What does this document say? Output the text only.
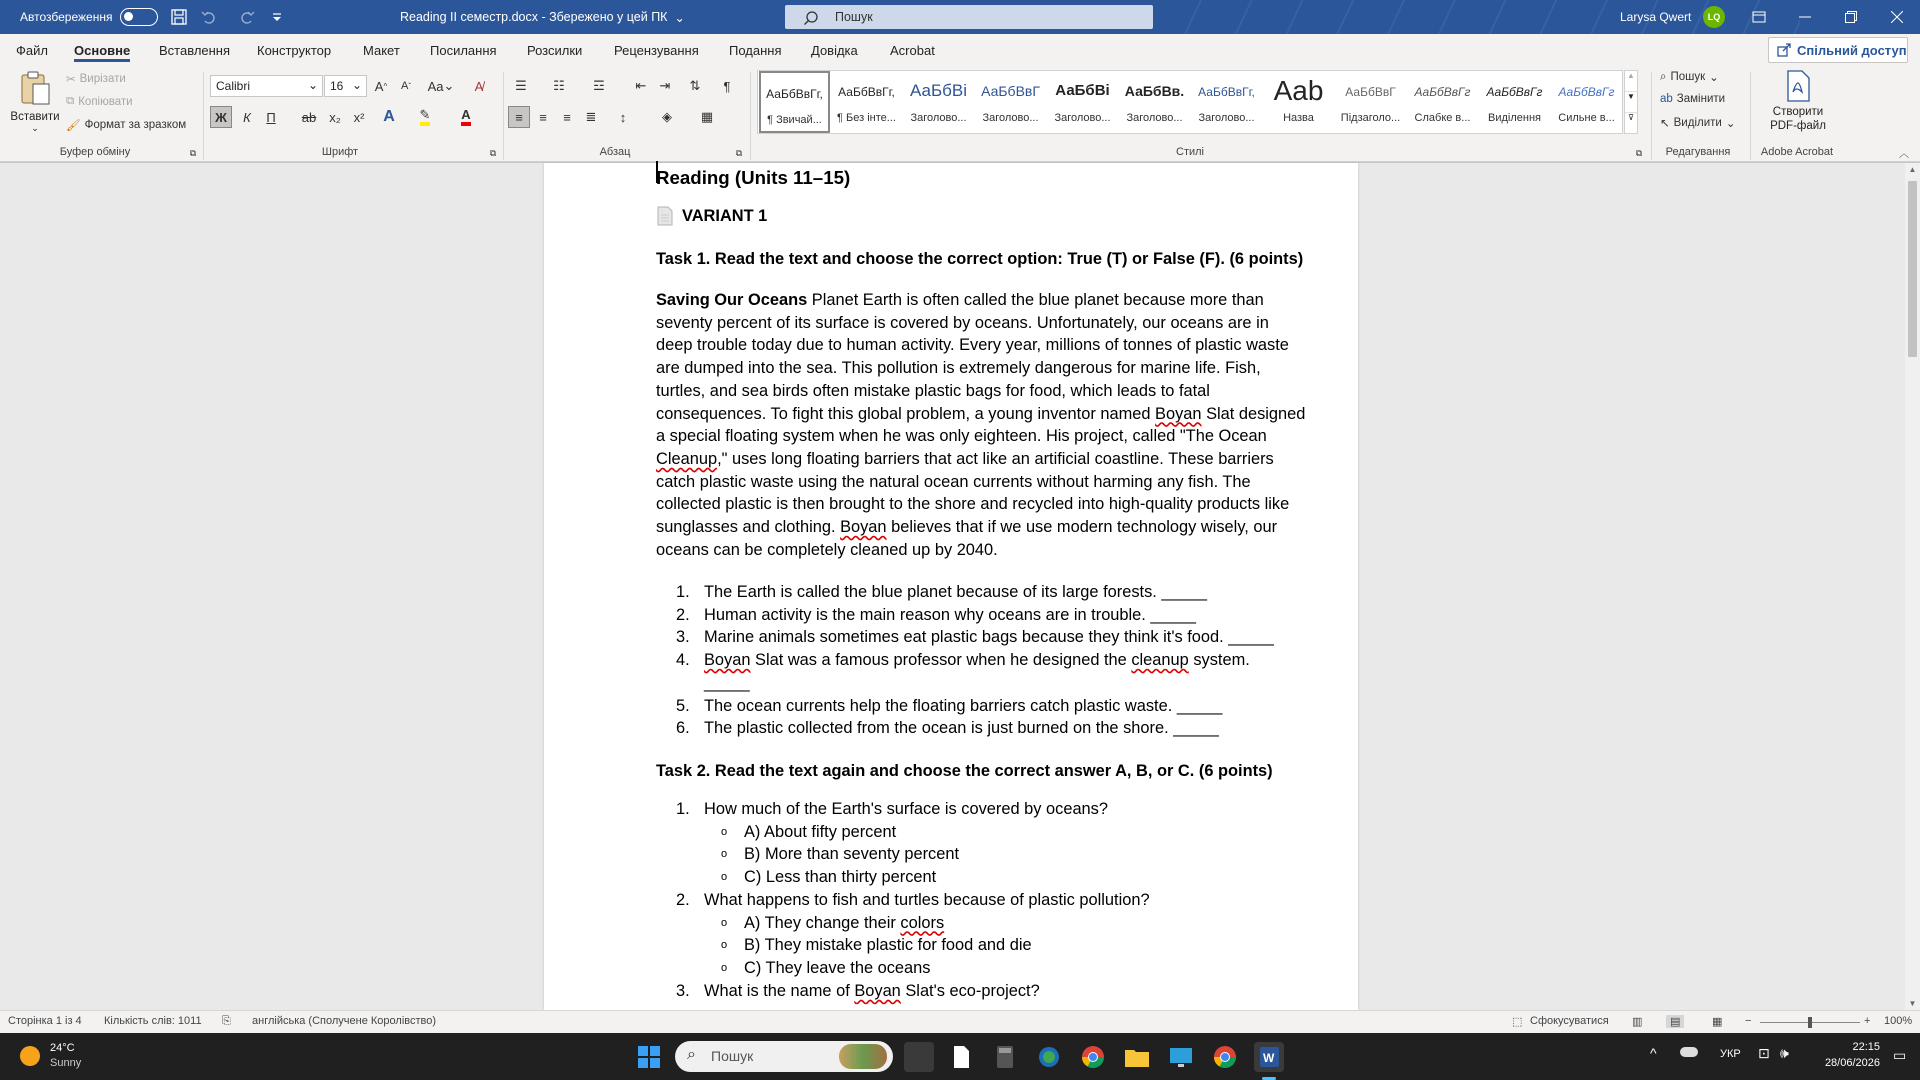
Автозбереження	Reading II семестр.docx - Збережено у цей ПК
⌄	Пошук	Larysa Qwert	LQ
Файл Основне Вставлення Конструктор Макет Посилання Розсилки Рецензування Подання Довідка Acrobat	Спільний доступ
Вставити
⌄
✂ Вирізати
⧉ Копіювати
🖌 Формат за зразком
Буфер обміну	⧉
Calibri	⌄	16 ⌄ A ^ A ˇ Aa ⌄	A̸
Ж К П ab x₂ x²	A	✎ A
Шрифт	⧉
☰	☷	☲	⇤	⇥	⇅	¶
≡	≡	≡	≣	↕	◈	▦
Абзац	⧉
АаБбВвГг,
¶ Звичай...
АаБбВвГг,
¶ Без інте...
АаБбВі
Заголово...
АаБбВвГ
Заголово...
АаБбВі
Заголово...
АаБбВв.
Заголово...
АаБбВвГг,
Заголово...
Aab
Назва
АаБбВвГ
Підзаголо...
АаБбВвГг
Слабке в...
АаБбВвГг
Виділення
АаБбВвГг
Сильне в...
▲
▼
⊽
Стилі	⧉
⌕ Пошук ⌄
ab Замінити
↖ Виділити ⌄
Редагування
Створити PDF-файл
Adobe Acrobat	︿
Reading (Units 11–15)
VARIANT 1
Task 1. Read the text and choose the correct option: True (T) or False (F). (6 points)
Saving Our Oceans Planet Earth is often called the blue planet because more than seventy percent of its surface is covered by oceans. Unfortunately, our oceans are in deep trouble today due to human activity. Every year, millions of tonnes of plastic waste are dumped into the sea. This pollution is extremely dangerous for marine life. Fish, turtles, and sea birds often mistake plastic bags for food, which leads to fatal consequences. To fight this global problem, a young inventor named Boyan Slat designed a special floating system when he was only eighteen. His project, called "The Ocean Cleanup," uses long floating barriers that act like an artificial coastline. These barriers catch plastic waste using the natural ocean currents without harming any fish. The collected plastic is then brought to the shore and recycled into high-quality products like sunglasses and clothing. Boyan believes that if we use modern technology wisely, our oceans can be completely cleaned up by 2040.
1. The Earth is called the blue planet because of its large forests. _____
2. Human activity is the main reason why oceans are in trouble. _____
3. Marine animals sometimes eat plastic bags because they think it's food. _____
4. Boyan Slat was a famous professor when he designed the cleanup system. _____
5. The ocean currents help the floating barriers catch plastic waste. _____
6. The plastic collected from the ocean is just burned on the shore. _____
Task 2. Read the text again and choose the correct answer A, B, or C. (6 points)
1. How much of the Earth's surface is covered by oceans?
o	A) About fifty percent
o	B) More than seventy percent
o	C) Less than thirty percent
2. What happens to fish and turtles because of plastic pollution?
o	A) They change their
colors
o	B) They mistake plastic for food and die
o	C) They leave the oceans
3. What is the name of Boyan Slat's eco-project?
▲
▼
Сторінка 1 із 4 Кількість слів: 1011 ⎘ англійська (Сполучене Королівство)	⬚ Сфокусуватися ▥	▤	▦ −	+ 100%
24°C
Sunny	⌕ Пошук	W	^	УКР ⊡ 🕪	22:15
28/06/2026 ▭
